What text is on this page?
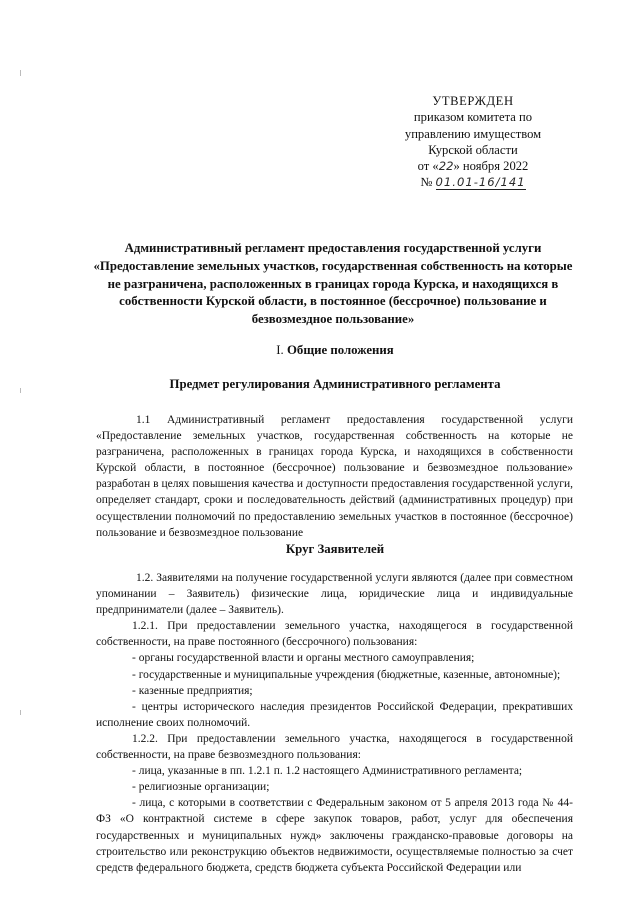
УТВЕРЖДЕН
приказом комитета по
управлению имуществом
Курской области
от «22» ноября 2022
№ 01.01-16/141
Административный регламент предоставления государственной услуги «Предоставление земельных участков, государственная собственность на которые не разграничена, расположенных в границах города Курска, и находящихся в собственности Курской области, в постоянное (бессрочное) пользование и безвозмездное пользование»
I. Общие положения
Предмет регулирования Административного регламента

1.1 Административный регламент предоставления государственной услуги «Предоставление земельных участков, государственная собственность на которые не разграничена, расположенных в границах города Курска, и находящихся в собственности Курской области, в постоянное (бессрочное) пользование и безвозмездное пользование» разработан в целях повышения качества и доступности предоставления государственной услуги, определяет стандарт, сроки и последовательность действий (административных процедур) при осуществлении полномочий по предоставлению земельных участков в постоянное (бессрочное) пользование и безвозмездное пользование

Круг Заявителей

1.2. Заявителями на получение государственной услуги являются (далее при совместном упоминании – Заявитель) физические лица, юридические лица и индивидуальные предприниматели (далее – Заявитель).

1.2.1. При предоставлении земельного участка, находящегося в государственной собственности, на праве постоянного (бессрочного) пользования:

- органы государственной власти и органы местного самоуправления;

- государственные и муниципальные учреждения (бюджетные, казенные, автономные);

- казенные предприятия;

- центры исторического наследия президентов Российской Федерации, прекративших исполнение своих полномочий.

1.2.2. При предоставлении земельного участка, находящегося в государственной собственности, на праве безвозмездного пользования:

- лица, указанные в пп. 1.2.1 п. 1.2 настоящего Административного регламента;

- религиозные организации;

- лица, с которыми в соответствии с Федеральным законом от 5 апреля 2013 года № 44-ФЗ «О контрактной системе в сфере закупок товаров, работ, услуг для обеспечения государственных и муниципальных нужд» заключены гражданско-правовые договоры на строительство или реконструкцию объектов недвижимости, осуществляемые полностью за счет средств федерального бюджета, средств бюджета субъекта Российской Федерации или
